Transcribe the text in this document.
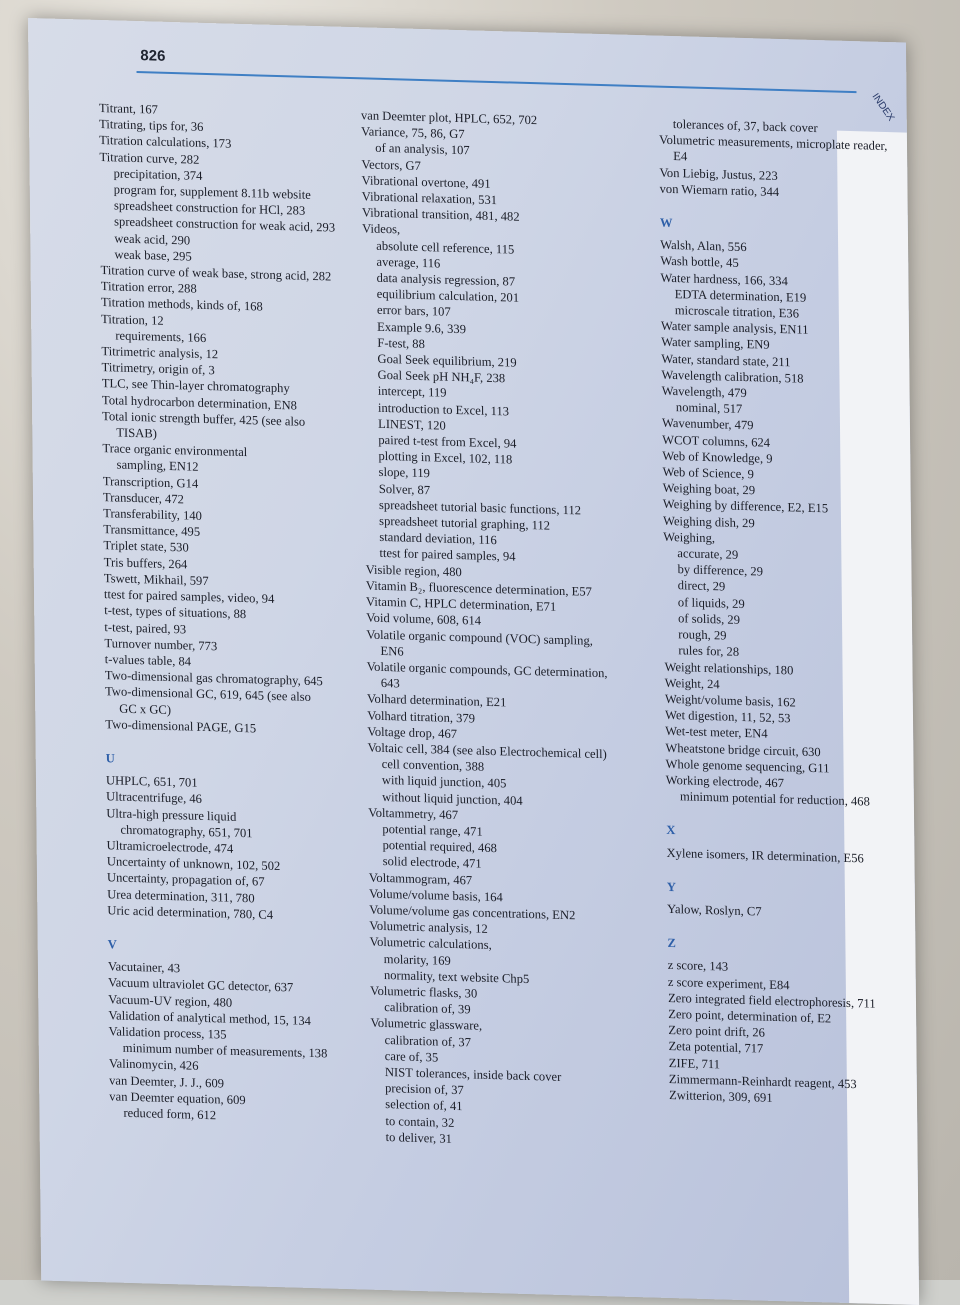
826
INDEX
Titrant, 167
Titrating, tips for, 36
Titration calculations, 173
Titration curve, 282
precipitation, 374
program for, supplement 8.11b website
spreadsheet construction for HCl, 283
spreadsheet construction for weak acid, 293
weak acid, 290
weak base, 295
Titration curve of weak base, strong acid, 282
Titration error, 288
Titration methods, kinds of, 168
Titration, 12
requirements, 166
Titrimetric analysis, 12
Titrimetry, origin of, 3
TLC, see Thin-layer chromatography
Total hydrocarbon determination, EN8
Total ionic strength buffer, 425 (see also
TISAB)
Trace organic environmental
sampling, EN12
Transcription, G14
Transducer, 472
Transferability, 140
Transmittance, 495
Triplet state, 530
Tris buffers, 264
Tswett, Mikhail, 597
ttest for paired samples, video, 94
t-test, types of situations, 88
t-test, paired, 93
Turnover number, 773
t-values table, 84
Two-dimensional gas chromatography, 645
Two-dimensional GC, 619, 645 (see also
GC x GC)
Two-dimensional PAGE, G15
U
UHPLC, 651, 701
Ultracentrifuge, 46
Ultra-high pressure liquid
chromatography, 651, 701
Ultramicroelectrode, 474
Uncertainty of unknown, 102, 502
Uncertainty, propagation of, 67
Urea determination, 311, 780
Uric acid determination, 780, C4
V
Vacutainer, 43
Vacuum ultraviolet GC detector, 637
Vacuum-UV region, 480
Validation of analytical method, 15, 134
Validation process, 135
minimum number of measurements, 138
Valinomycin, 426
van Deemter, J. J., 609
van Deemter equation, 609
reduced form, 612
van Deemter plot, HPLC, 652, 702
Variance, 75, 86, G7
of an analysis, 107
Vectors, G7
Vibrational overtone, 491
Vibrational relaxation, 531
Vibrational transition, 481, 482
Videos,
absolute cell reference, 115
average, 116
data analysis regression, 87
equilibrium calculation, 201
error bars, 107
Example 9.6, 339
F-test, 88
Goal Seek equilibrium, 219
Goal Seek pH NH₄F, 238
intercept, 119
introduction to Excel, 113
LINEST, 120
paired t-test from Excel, 94
plotting in Excel, 102, 118
slope, 119
Solver, 87
spreadsheet tutorial basic functions, 112
spreadsheet tutorial graphing, 112
standard deviation, 116
ttest for paired samples, 94
Visible region, 480
Vitamin B₂, fluorescence determination, E57
Vitamin C, HPLC determination, E71
Void volume, 608, 614
Volatile organic compound (VOC) sampling,
EN6
Volatile organic compounds, GC determination,
643
Volhard determination, E21
Volhard titration, 379
Voltage drop, 467
Voltaic cell, 384 (see also Electrochemical cell)
cell convention, 388
with liquid junction, 405
without liquid junction, 404
Voltammetry, 467
potential range, 471
potential required, 468
solid electrode, 471
Voltammogram, 467
Volume/volume basis, 164
Volume/volume gas concentrations, EN2
Volumetric analysis, 12
Volumetric calculations,
molarity, 169
normality, text website Chp5
Volumetric flasks, 30
calibration of, 39
Volumetric glassware,
calibration of, 37
care of, 35
NIST tolerances, inside back cover
precision of, 37
selection of, 41
to contain, 32
to deliver, 31
tolerances of, 37, back cover
Volumetric measurements, microplate reader,
E4
Von Liebig, Justus, 223
von Wiemarn ratio, 344
W
Walsh, Alan, 556
Wash bottle, 45
Water hardness, 166, 334
EDTA determination, E19
microscale titration, E36
Water sample analysis, EN11
Water sampling, EN9
Water, standard state, 211
Wavelength calibration, 518
Wavelength, 479
nominal, 517
Wavenumber, 479
WCOT columns, 624
Web of Knowledge, 9
Web of Science, 9
Weighing boat, 29
Weighing by difference, E2, E15
Weighing dish, 29
Weighing,
accurate, 29
by difference, 29
direct, 29
of liquids, 29
of solids, 29
rough, 29
rules for, 28
Weight relationships, 180
Weight, 24
Weight/volume basis, 162
Wet digestion, 11, 52, 53
Wet-test meter, EN4
Wheatstone bridge circuit, 630
Whole genome sequencing, G11
Working electrode, 467
minimum potential for reduction, 468
X
Xylene isomers, IR determination, E56
Y
Yalow, Roslyn, C7
Z
z score, 143
z score experiment, E84
Zero integrated field electrophoresis, 711
Zero point, determination of, E2
Zero point drift, 26
Zeta potential, 717
ZIFE, 711
Zimmermann-Reinhardt reagent, 453
Zwitterion, 309, 691
